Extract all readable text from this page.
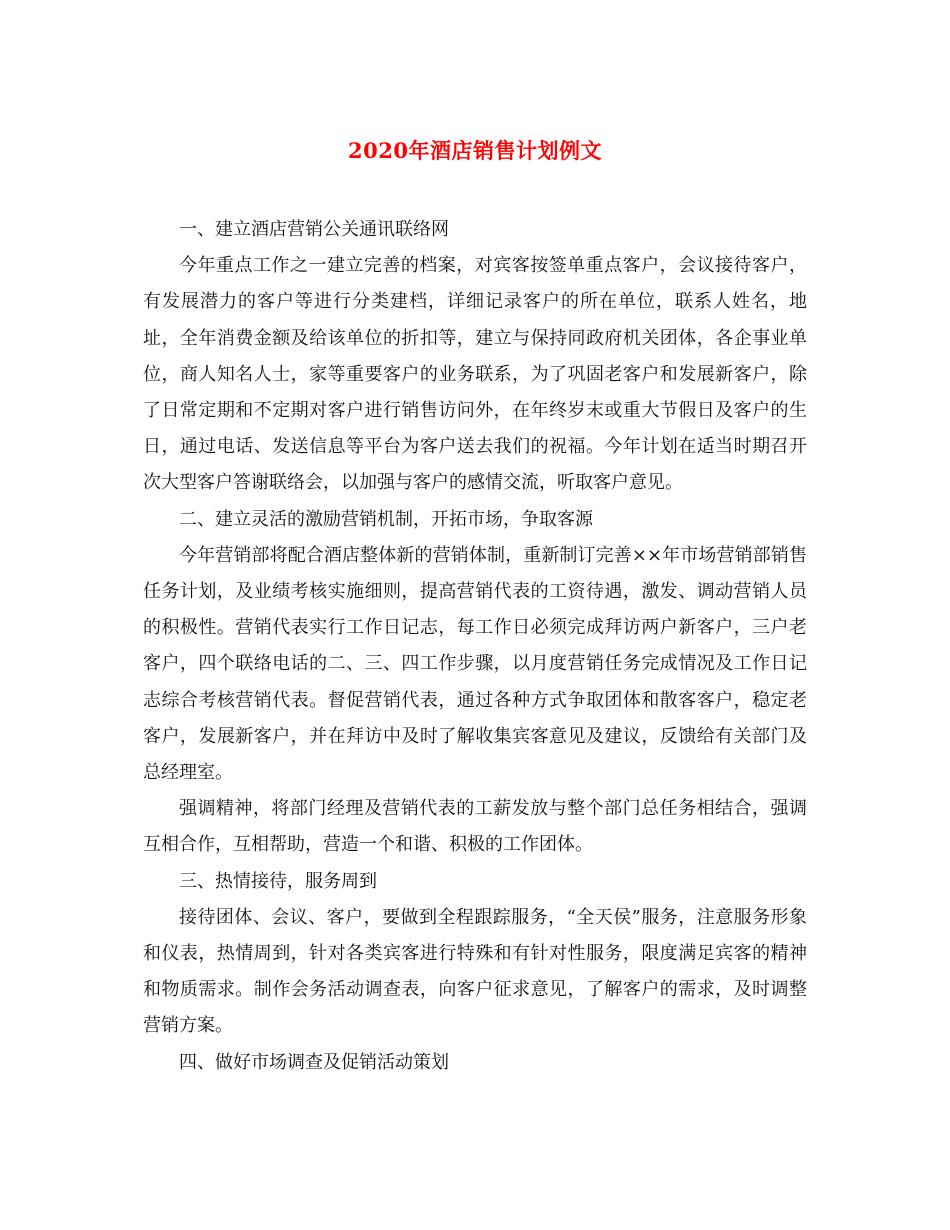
2020年酒店销售计划例文

一、建立酒店营销公关通讯联络网

今年重点工作之一建立完善的档案，对宾客按签单重点客户，会议接待客户，有发展潜力的客户等进行分类建档，详细记录客户的所在单位，联系人姓名，地址，全年消费金额及给该单位的折扣等，建立与保持同政府机关团体，各企事业单位，商人知名人士，家等重要客户的业务联系，为了巩固老客户和发展新客户，除了日常定期和不定期对客户进行销售访问外，在年终岁末或重大节假日及客户的生日，通过电话、发送信息等平台为客户送去我们的祝福。今年计划在适当时期召开次大型客户答谢联络会，以加强与客户的感情交流，听取客户意见。

二、建立灵活的激励营销机制，开拓市场，争取客源

今年营销部将配合酒店整体新的营销体制，重新制订完善××年市场营销部销售任务计划，及业绩考核实施细则，提高营销代表的工资待遇，激发、调动营销人员的积极性。营销代表实行工作日记志，每工作日必须完成拜访两户新客户，三户老客户，四个联络电话的二、三、四工作步骤，以月度营销任务完成情况及工作日记志综合考核营销代表。督促营销代表，通过各种方式争取团体和散客客户，稳定老客户，发展新客户，并在拜访中及时了解收集宾客意见及建议，反馈给有关部门及总经理室。

强调精神，将部门经理及营销代表的工薪发放与整个部门总任务相结合，强调互相合作，互相帮助，营造一个和谐、积极的工作团体。

三、热情接待，服务周到

接待团体、会议、客户，要做到全程跟踪服务，“全天侯”服务，注意服务形象和仪表，热情周到，针对各类宾客进行特殊和有针对性服务，限度满足宾客的精神和物质需求。制作会务活动调查表，向客户征求意见，了解客户的需求，及时调整营销方案。

四、做好市场调查及促销活动策划
